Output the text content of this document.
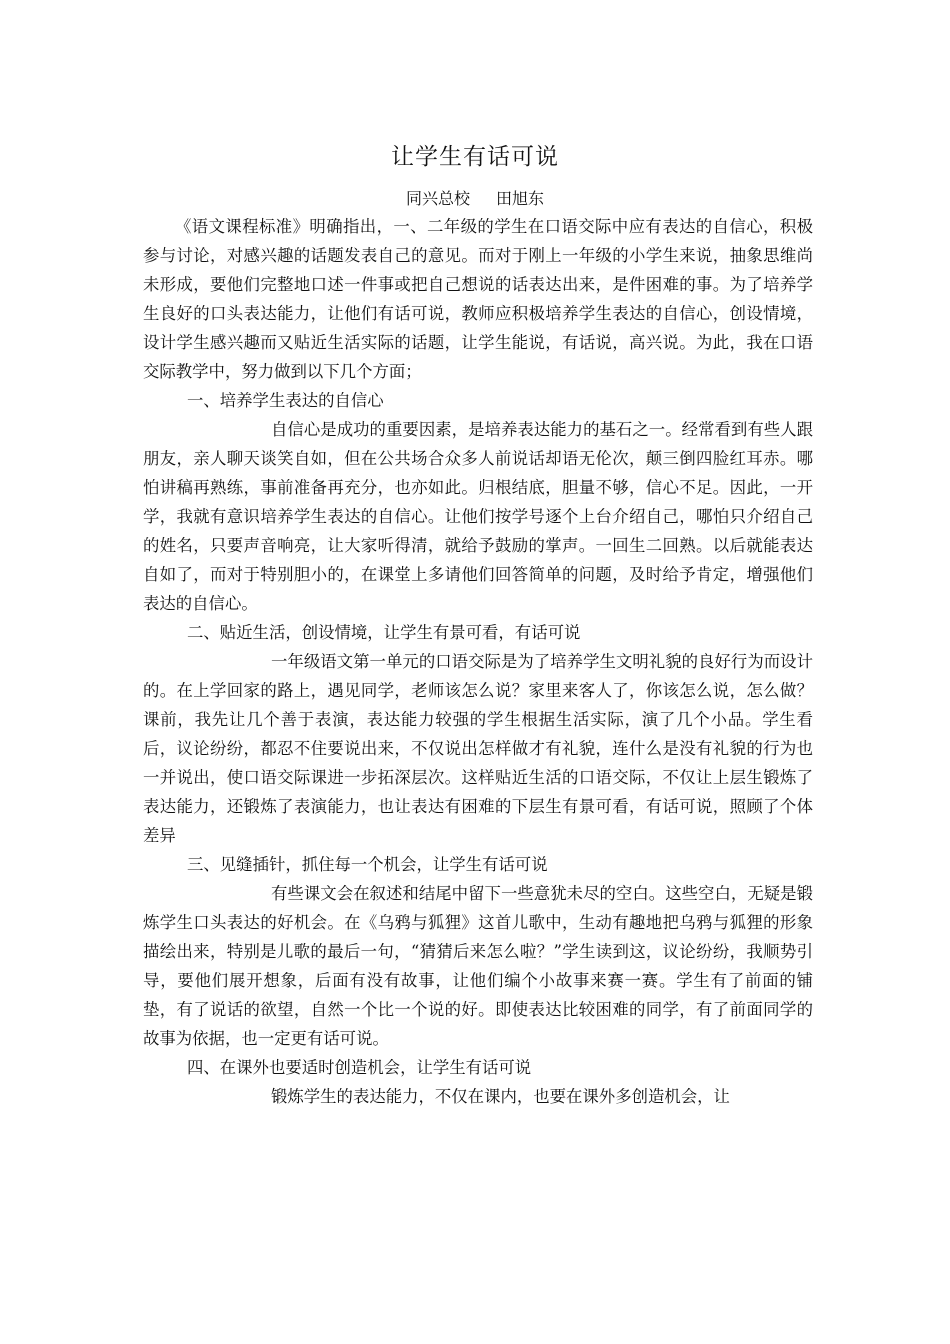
让学生有话可说
同兴总校 田旭东

《语文课程标准》明确指出，一、二年级的学生在口语交际中应有表达的自信心，积极参与讨论，对感兴趣的话题发表自己的意见。而对于刚上一年级的小学生来说，抽象思维尚未形成，要他们完整地口述一件事或把自己想说的话表达出来，是件困难的事。为了培养学生良好的口头表达能力，让他们有话可说，教师应积极培养学生表达的自信心，创设情境，设计学生感兴趣而又贴近生活实际的话题，让学生能说，有话说，高兴说。为此，我在口语交际教学中，努力做到以下几个方面；

一、培养学生表达的自信心

自信心是成功的重要因素，是培养表达能力的基石之一。经常看到有些人跟朋友，亲人聊天谈笑自如，但在公共场合众多人前说话却语无伦次，颠三倒四脸红耳赤。哪怕讲稿再熟练，事前准备再充分，也亦如此。归根结底，胆量不够，信心不足。因此，一开学，我就有意识培养学生表达的自信心。让他们按学号逐个上台介绍自己，哪怕只介绍自己的姓名，只要声音响亮，让大家听得清，就给予鼓励的掌声。一回生二回熟。以后就能表达自如了，而对于特别胆小的，在课堂上多请他们回答简单的问题，及时给予肯定，增强他们表达的自信心。

二、贴近生活，创设情境，让学生有景可看，有话可说

一年级语文第一单元的口语交际是为了培养学生文明礼貌的良好行为而设计的。在上学回家的路上，遇见同学，老师该怎么说？家里来客人了，你该怎么说，怎么做？课前，我先让几个善于表演，表达能力较强的学生根据生活实际，演了几个小品。学生看后，议论纷纷，都忍不住要说出来，不仅说出怎样做才有礼貌，连什么是没有礼貌的行为也一并说出，使口语交际课进一步拓深层次。这样贴近生活的口语交际，不仅让上层生锻炼了表达能力，还锻炼了表演能力，也让表达有困难的下层生有景可看，有话可说，照顾了个体差异

三、见缝插针，抓住每一个机会，让学生有话可说

有些课文会在叙述和结尾中留下一些意犹未尽的空白。这些空白，无疑是锻炼学生口头表达的好机会。在《乌鸦与狐狸》这首儿歌中，生动有趣地把乌鸦与狐狸的形象描绘出来，特别是儿歌的最后一句，“猜猜后来怎么啦？”学生读到这，议论纷纷，我顺势引导，要他们展开想象，后面有没有故事，让他们编个小故事来赛一赛。学生有了前面的铺垫，有了说话的欲望，自然一个比一个说的好。即使表达比较困难的同学，有了前面同学的故事为依据，也一定更有话可说。

四、在课外也要适时创造机会，让学生有话可说

锻炼学生的表达能力，不仅在课内，也要在课外多创造机会，让
